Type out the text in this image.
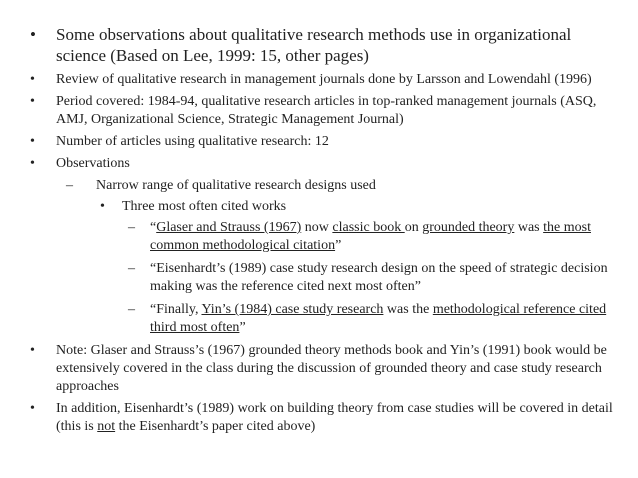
• Some observations about qualitative research methods use in organizational science (Based on Lee, 1999: 15, other pages)
• Review of qualitative research in management journals done by Larsson and Lowendahl (1996)
• Period covered: 1984-94, qualitative research articles in top-ranked management journals (ASQ, AMJ, Organizational Science, Strategic Management Journal)
• Number of articles using qualitative research: 12
• Observations
– Narrow range of qualitative research designs used
• Three most often cited works
– “Glaser and Strauss (1967) now classic book on grounded theory was the most common methodological citation”
– “Eisenhardt’s (1989) case study research design on the speed of strategic decision making was the reference cited next most often”
– “Finally, Yin’s (1984) case study research was the methodological reference cited third most often”
• Note: Glaser and Strauss’s (1967) grounded theory methods book and Yin’s (1991) book would be extensively covered in the class during the discussion of grounded theory and case study research approaches
• In addition, Eisenhardt’s (1989) work on building theory from case studies will be covered in detail (this is not the Eisenhardt’s paper cited above)
